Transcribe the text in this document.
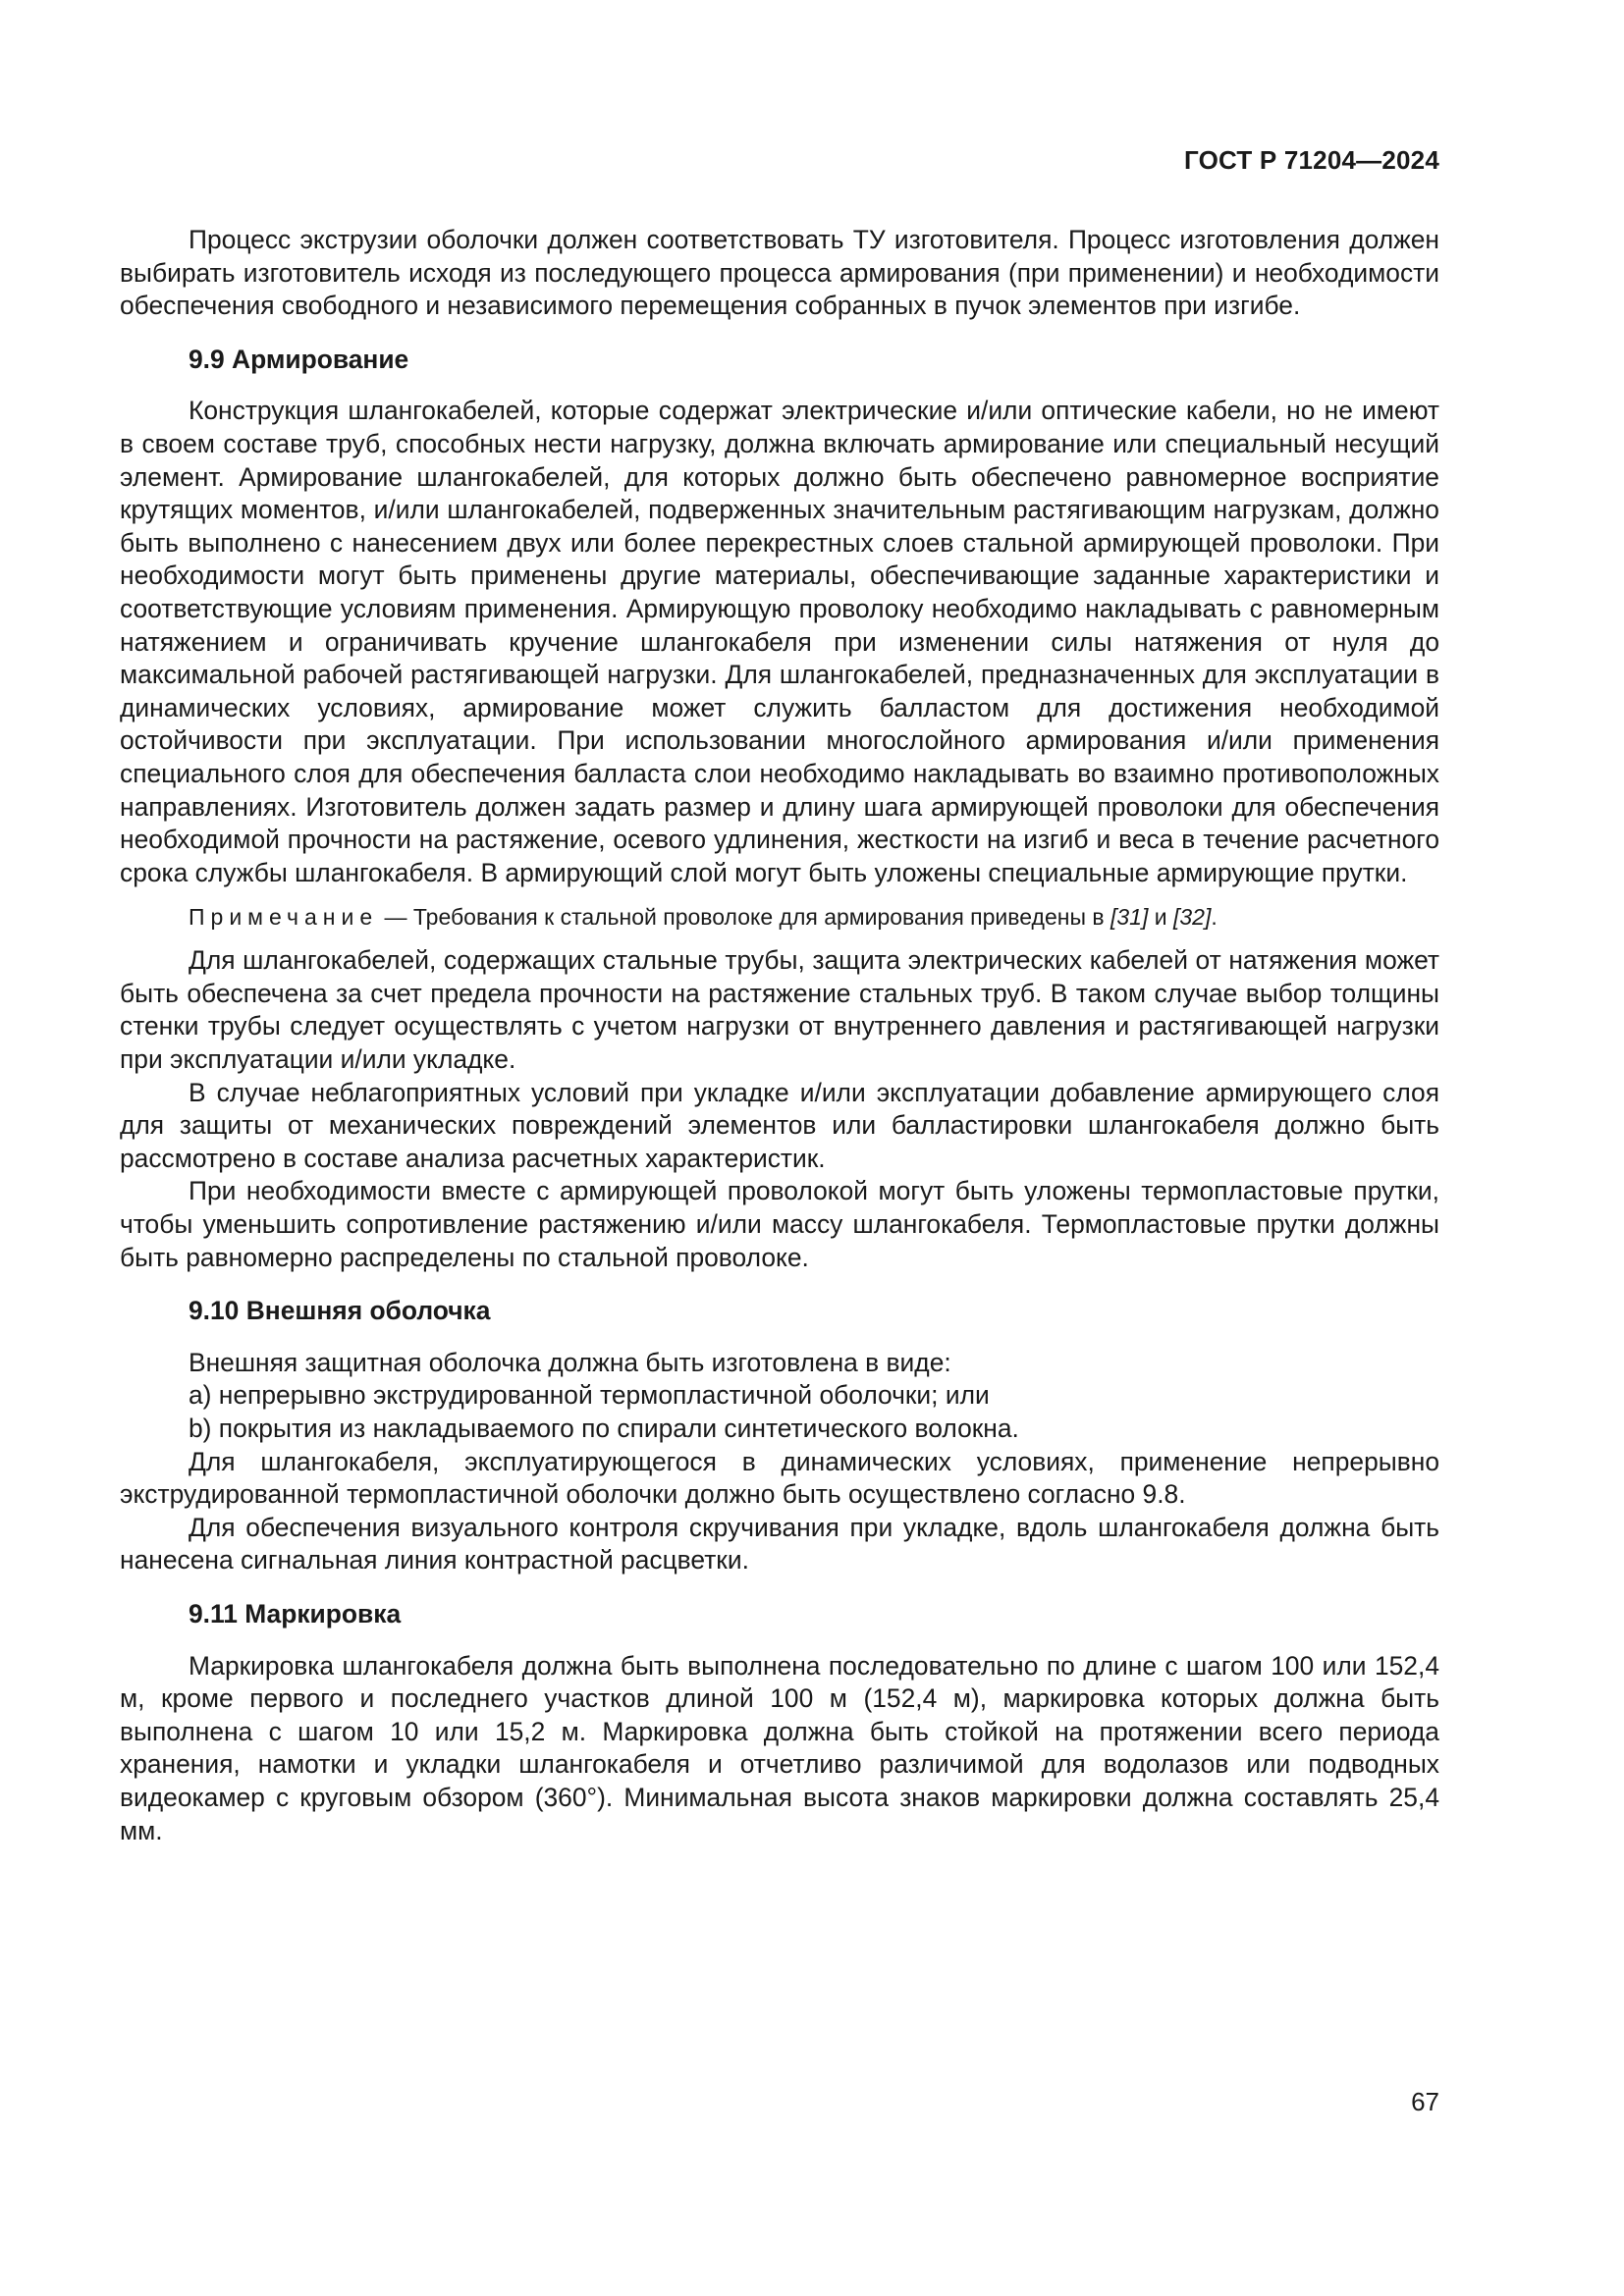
ГОСТ Р 71204—2024

Процесс экструзии оболочки должен соответствовать ТУ изготовителя. Процесс изготовления должен выбирать изготовитель исходя из последующего процесса армирования (при применении) и необходимости обеспечения свободного и независимого перемещения собранных в пучок элементов при изгибе.

9.9 Армирование

Конструкция шлангокабелей, которые содержат электрические и/или оптические кабели, но не имеют в своем составе труб, способных нести нагрузку, должна включать армирование или специальный несущий элемент. Армирование шлангокабелей, для которых должно быть обеспечено равномерное восприятие крутящих моментов, и/или шлангокабелей, подверженных значительным растягивающим нагрузкам, должно быть выполнено с нанесением двух или более перекрестных слоев стальной армирующей проволоки. При необходимости могут быть применены другие материалы, обеспечивающие заданные характеристики и соответствующие условиям применения. Армирующую проволоку необходимо накладывать с равномерным натяжением и ограничивать кручение шлангокабеля при изменении силы натяжения от нуля до максимальной рабочей растягивающей нагрузки. Для шлангокабелей, предназначенных для эксплуатации в динамических условиях, армирование может служить балластом для достижения необходимой остойчивости при эксплуатации. При использовании многослойного армирования и/или применения специального слоя для обеспечения балласта слои необходимо накладывать во взаимно противоположных направлениях. Изготовитель должен задать размер и длину шага армирующей проволоки для обеспечения необходимой прочности на растяжение, осевого удлинения, жесткости на изгиб и веса в течение расчетного срока службы шлангокабеля. В армирующий слой могут быть уложены специальные армирующие прутки.

Примечание — Требования к стальной проволоке для армирования приведены в [31] и [32].

Для шлангокабелей, содержащих стальные трубы, защита электрических кабелей от натяжения может быть обеспечена за счет предела прочности на растяжение стальных труб. В таком случае выбор толщины стенки трубы следует осуществлять с учетом нагрузки от внутреннего давления и растягивающей нагрузки при эксплуатации и/или укладке.

В случае неблагоприятных условий при укладке и/или эксплуатации добавление армирующего слоя для защиты от механических повреждений элементов или балластировки шлангокабеля должно быть рассмотрено в составе анализа расчетных характеристик.

При необходимости вместе с армирующей проволокой могут быть уложены термопластовые прутки, чтобы уменьшить сопротивление растяжению и/или массу шлангокабеля. Термопластовые прутки должны быть равномерно распределены по стальной проволоке.

9.10 Внешняя оболочка

Внешняя защитная оболочка должна быть изготовлена в виде:

а) непрерывно экструдированной термопластичной оболочки; или

b) покрытия из накладываемого по спирали синтетического волокна.

Для шлангокабеля, эксплуатирующегося в динамических условиях, применение непрерывно экструдированной термопластичной оболочки должно быть осуществлено согласно 9.8.

Для обеспечения визуального контроля скручивания при укладке, вдоль шлангокабеля должна быть нанесена сигнальная линия контрастной расцветки.

9.11 Маркировка

Маркировка шлангокабеля должна быть выполнена последовательно по длине с шагом 100 или 152,4 м, кроме первого и последнего участков длиной 100 м (152,4 м), маркировка которых должна быть выполнена с шагом 10 или 15,2 м. Маркировка должна быть стойкой на протяжении всего периода хранения, намотки и укладки шлангокабеля и отчетливо различимой для водолазов или подводных видеокамер с круговым обзором (360°). Минимальная высота знаков маркировки должна составлять 25,4 мм.

67
